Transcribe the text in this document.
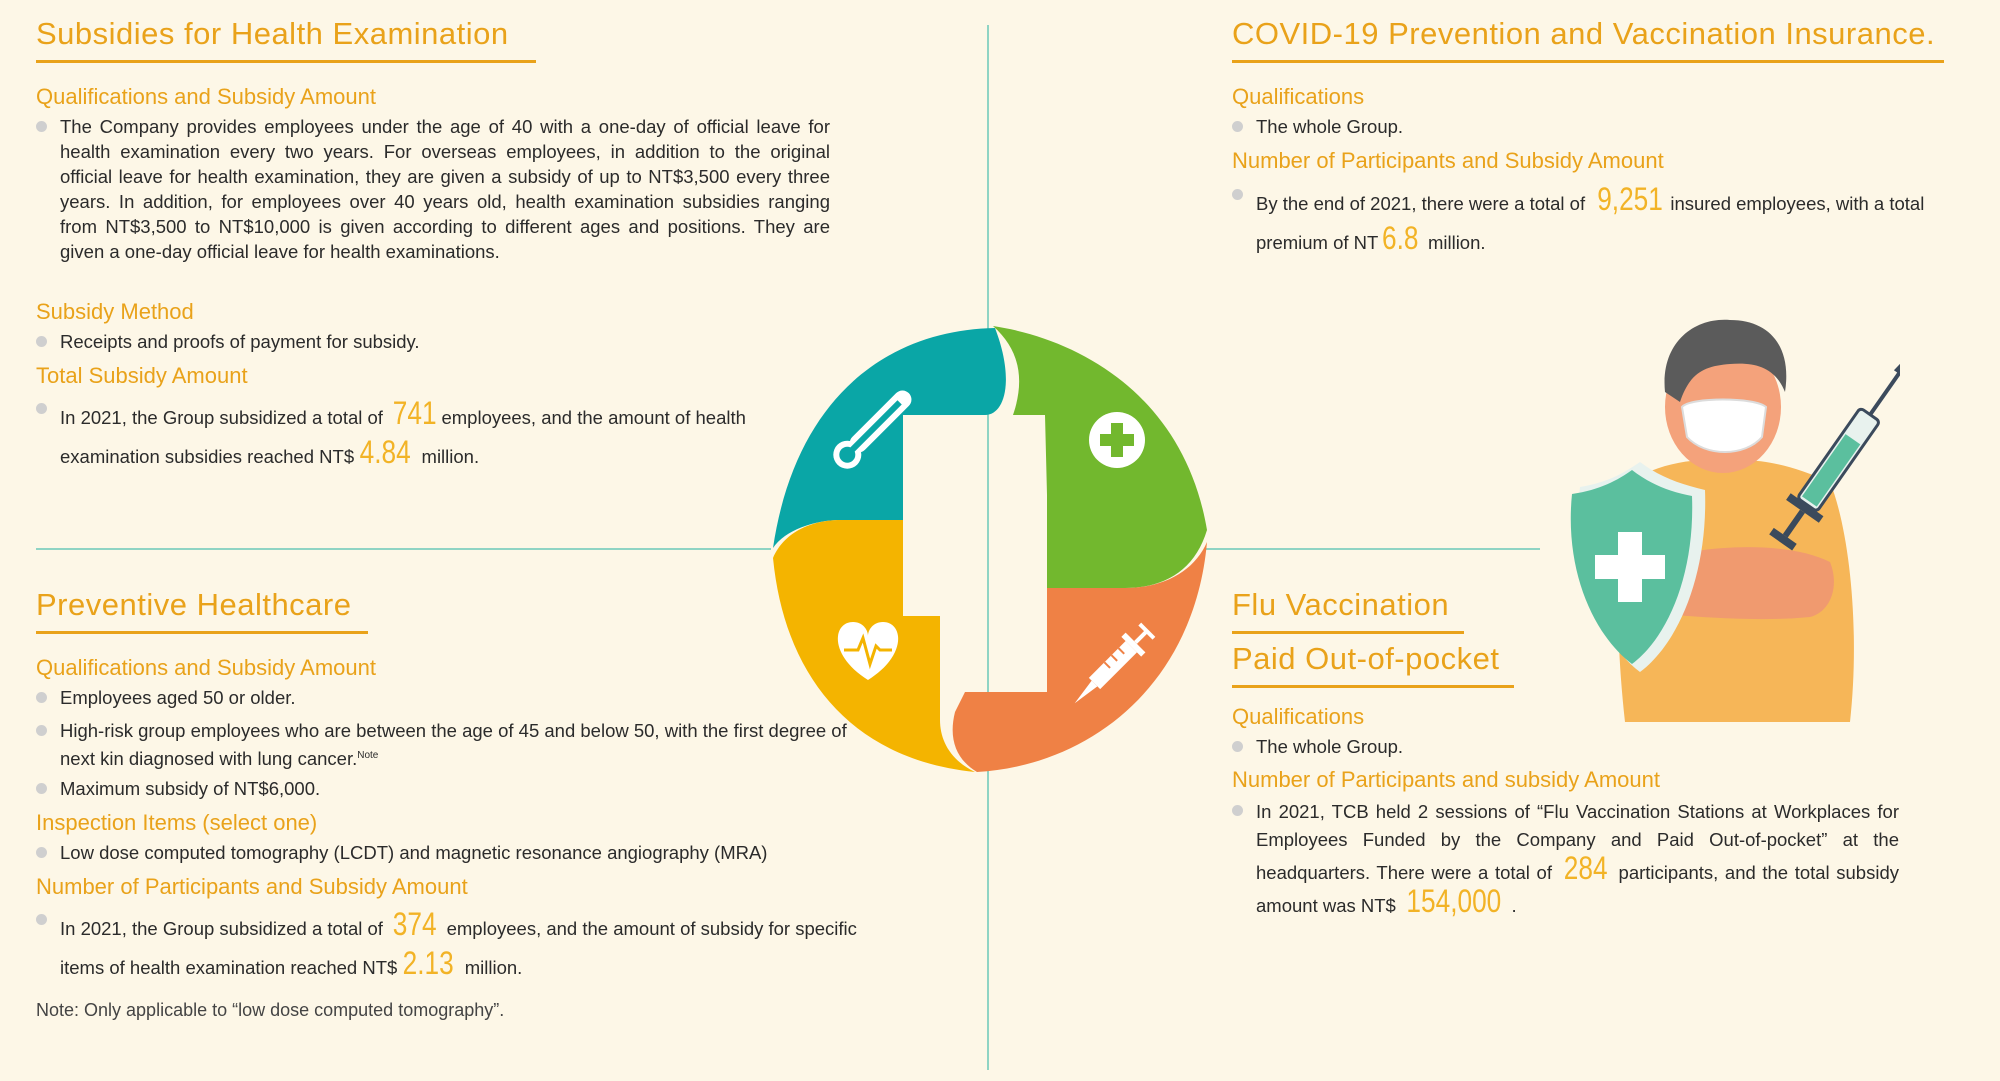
Subsidies for Health Examination
Qualifications and Subsidy Amount
The Company provides employees under the age of 40 with a one-day of official leave for health examination every two years. For overseas employees, in addition to the original official leave for health examination, they are given a subsidy of up to NT$3,500 every three years. In addition, for employees over 40 years old, health examination subsidies ranging from NT$3,500 to NT$10,000 is given according to different ages and positions. They are given a one-day official leave for health examinations.
Subsidy Method
Receipts and proofs of payment for subsidy.
Total Subsidy Amount
In 2021, the Group subsidized a total of 741 employees, and the amount of health examination subsidies reached NT$ 4.84 million.
COVID-19 Prevention and Vaccination Insurance.
Qualifications
The whole Group.
Number of Participants and Subsidy Amount
By the end of 2021, there were a total of 9,251 insured employees, with a total premium of NT 6.8 million.
Preventive Healthcare
Qualifications and Subsidy Amount
Employees aged 50 or older.
High-risk group employees who are between the age of 45 and below 50, with the first degree of next kin diagnosed with lung cancer.$^{Note}$
Maximum subsidy of NT$6,000.
Inspection Items (select one)
Low dose computed tomography (LCDT) and magnetic resonance angiography (MRA)
Number of Participants and Subsidy Amount
In 2021, the Group subsidized a total of 374 employees, and the amount of subsidy for specific items of health examination reached NT$ 2.13 million.
Note: Only applicable to “low dose computed tomography”.
Flu Vaccination
Paid Out-of-pocket
Qualifications
The whole Group.
Number of Participants and subsidy Amount
In 2021, TCB held 2 sessions of “Flu Vaccination Stations at Workplaces for Employees Funded by the Company and Paid Out-of-pocket” at the headquarters. There were a total of 284 participants, and the total subsidy amount was NT$ 154,000 .
